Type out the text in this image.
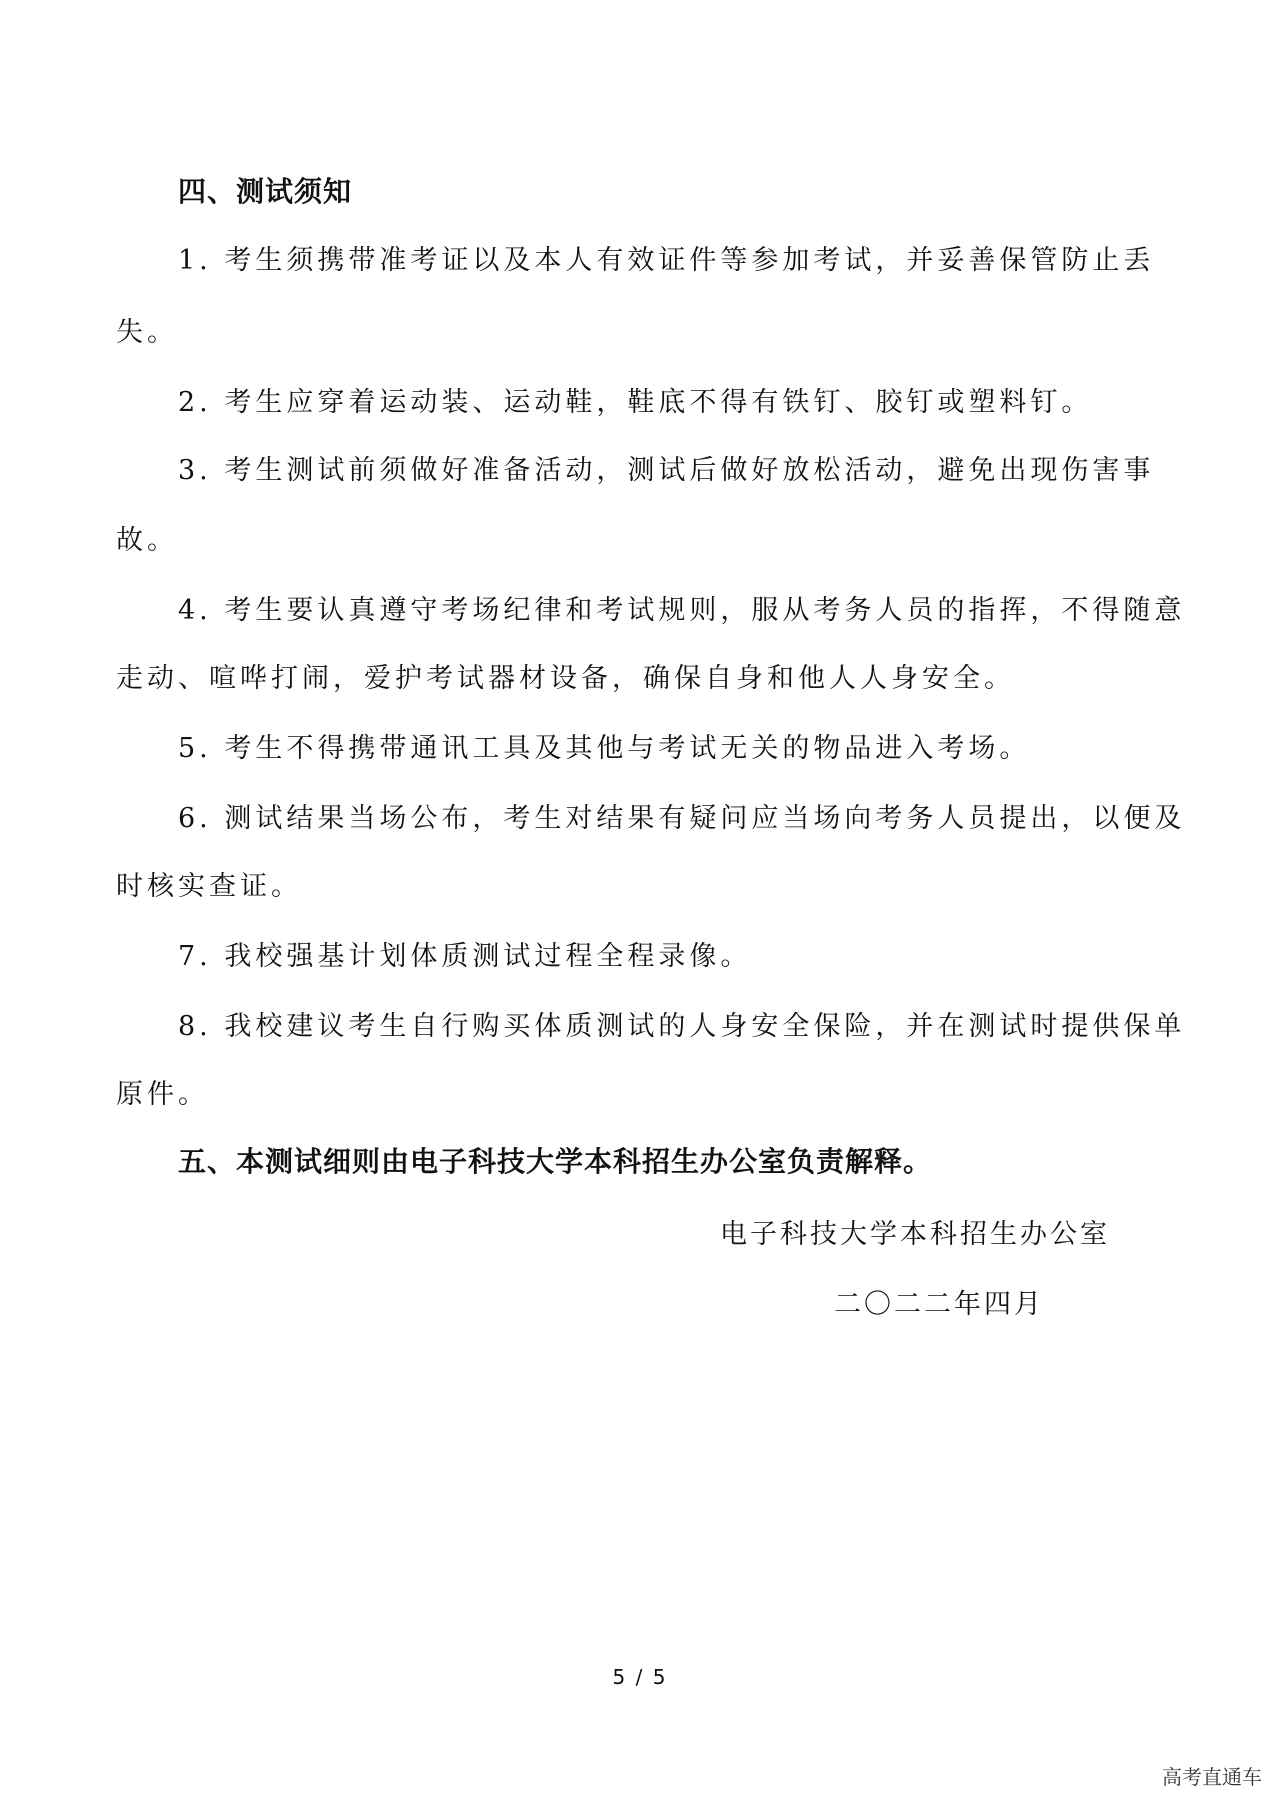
四、测试须知
1. 考生须携带准考证以及本人有效证件等参加考试，并妥善保管防止丢
失。
2. 考生应穿着运动装、运动鞋，鞋底不得有铁钉、胶钉或塑料钉。
3. 考生测试前须做好准备活动，测试后做好放松活动，避免出现伤害事
故。
4. 考生要认真遵守考场纪律和考试规则，服从考务人员的指挥，不得随意
走动、喧哗打闹，爱护考试器材设备，确保自身和他人人身安全。
5. 考生不得携带通讯工具及其他与考试无关的物品进入考场。
6. 测试结果当场公布，考生对结果有疑问应当场向考务人员提出，以便及
时核实查证。
7. 我校强基计划体质测试过程全程录像。
8. 我校建议考生自行购买体质测试的人身安全保险，并在测试时提供保单
原件。
五、本测试细则由电子科技大学本科招生办公室负责解释。
电子科技大学本科招生办公室
二〇二二年四月
5 / 5
高考直通车
